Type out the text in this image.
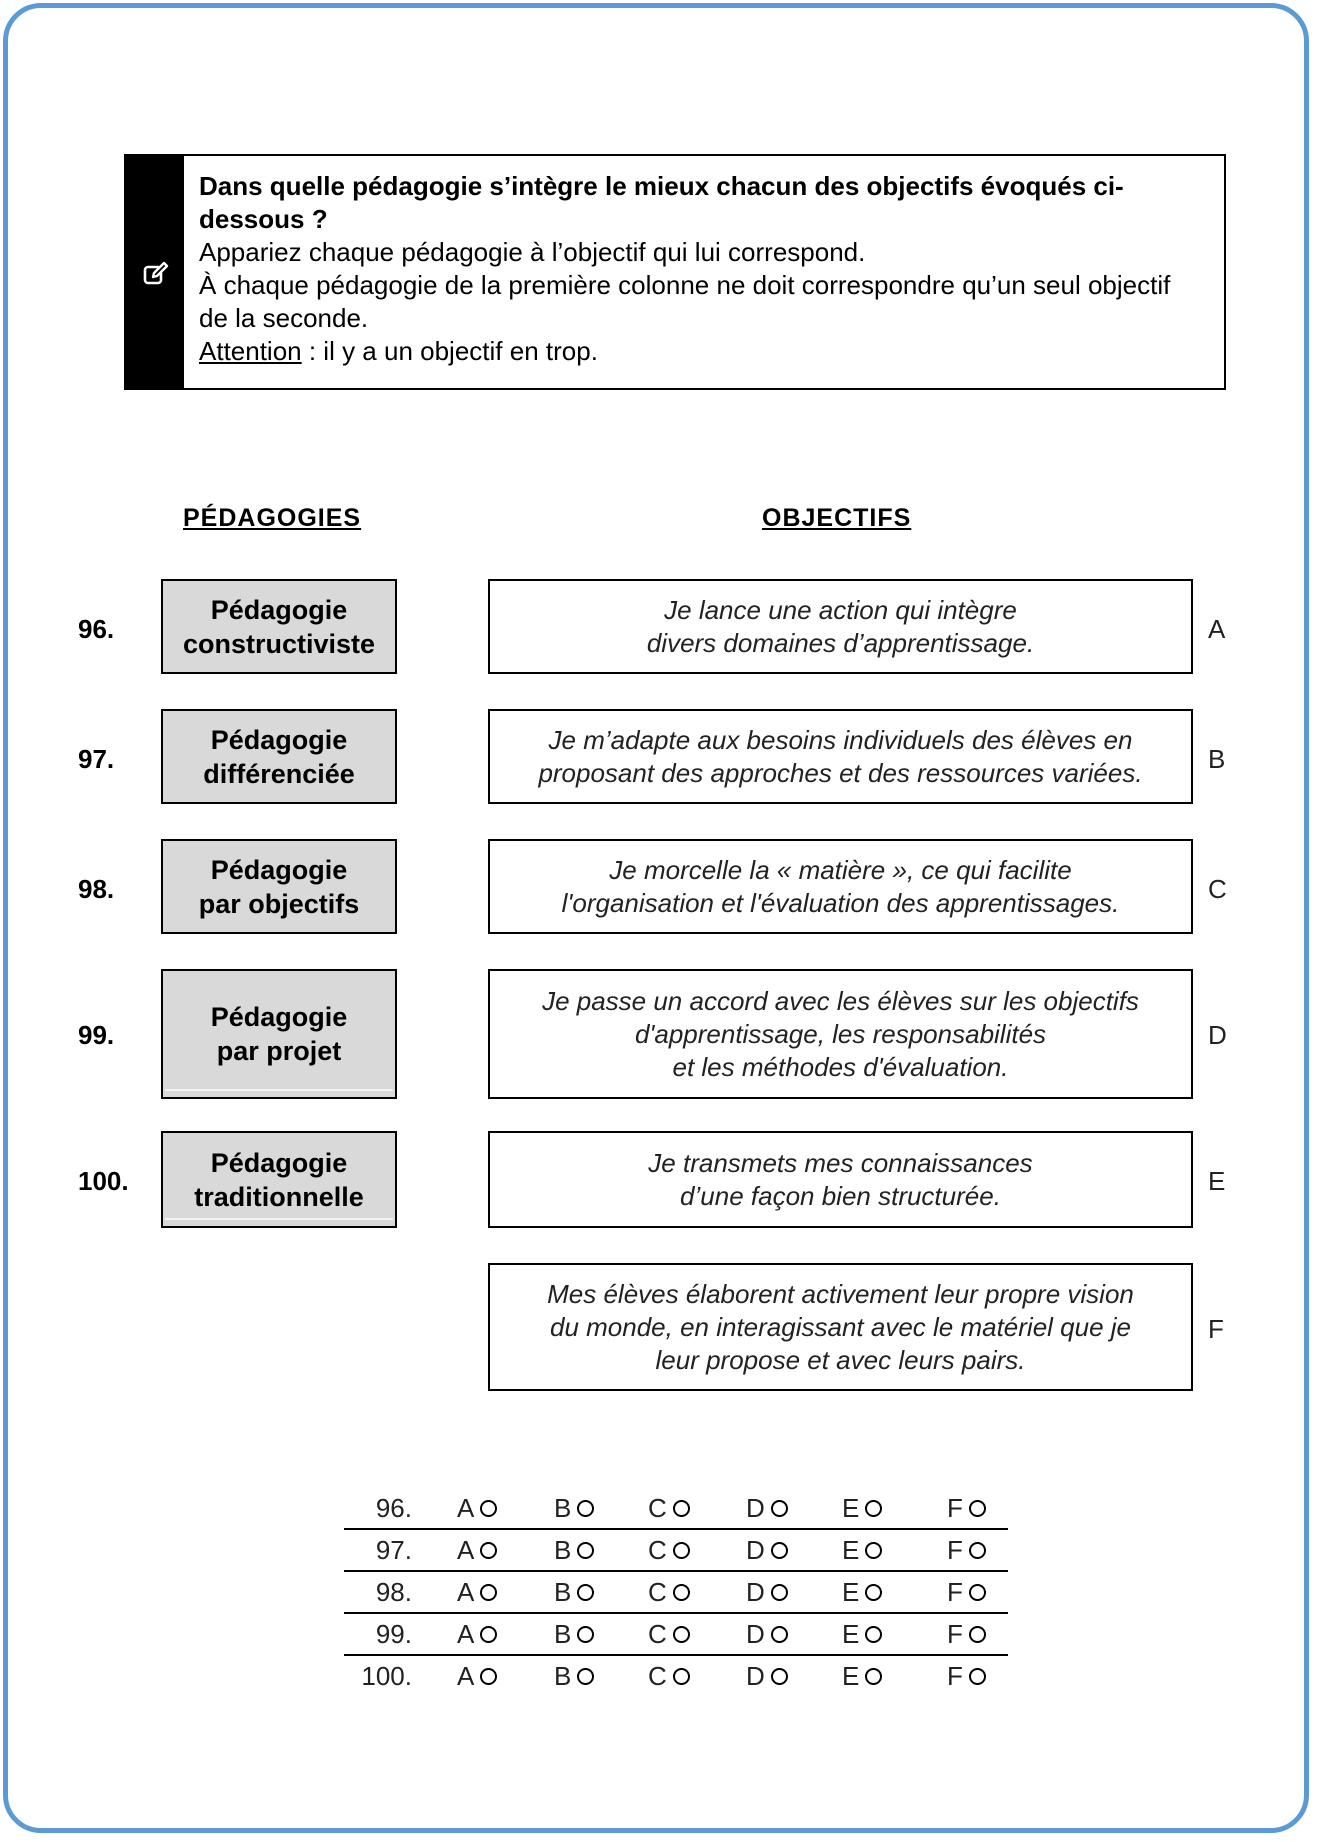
Dans quelle pédagogie s’intègre le mieux chacun des objectifs évoqués ci-dessous ?
Appariez chaque pédagogie à l’objectif qui lui correspond.
À chaque pédagogie de la première colonne ne doit correspondre qu’un seul objectif de la seconde.
Attention : il y a un objectif en trop.
PÉDAGOGIES	OBJECTIFS
96.
Pédagogie
constructiviste
97.
Pédagogie
différenciée
98.
Pédagogie
par objectifs
99.
Pédagogie
par projet
100.
Pédagogie
traditionnelle
Je lance une action qui intègre
divers domaines d’apprentissage.	A
Je m’adapte aux besoins individuels des élèves en
proposant des approches et des ressources variées.	B
Je morcelle la « matière », ce qui facilite
l'organisation et l'évaluation des apprentissages.	C
Je passe un accord avec les élèves sur les objectifs
d'apprentissage, les responsabilités
et les méthodes d'évaluation.
D
Je transmets mes connaissances
d’une façon bien structurée.	E
Mes élèves élaborent activement leur propre vision
du monde, en interagissant avec le matériel que je
leur propose et avec leurs pairs.
F
96. A	B	C	D	E	F
97. A	B	C	D	E	F
98. A	B	C	D	E	F
99. A	B	C	D	E	F
100. A	B	C	D	E	F
